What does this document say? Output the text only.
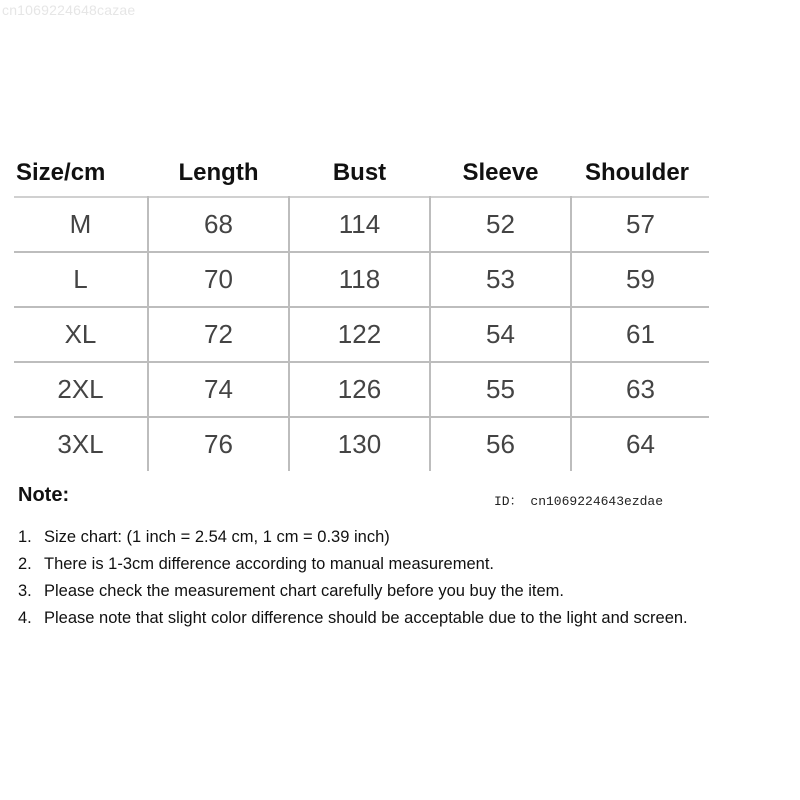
cn1069224648cazae
Size/cm	Length	Bust	Sleeve	Shoulder
M	68	114	52	57
L	70	118	53	59
XL	72	122	54	61
2XL	74	126	55	63
3XL	76	130	56	64
Note:	ID： cn1069224643ezdae
1. Size chart: (1 inch = 2.54 cm, 1 cm = 0.39 inch)
2. There is 1-3cm difference according to manual measurement.
3. Please check the measurement chart carefully before you buy the item.
4. Please note that slight color difference should be acceptable due to the light and screen.
